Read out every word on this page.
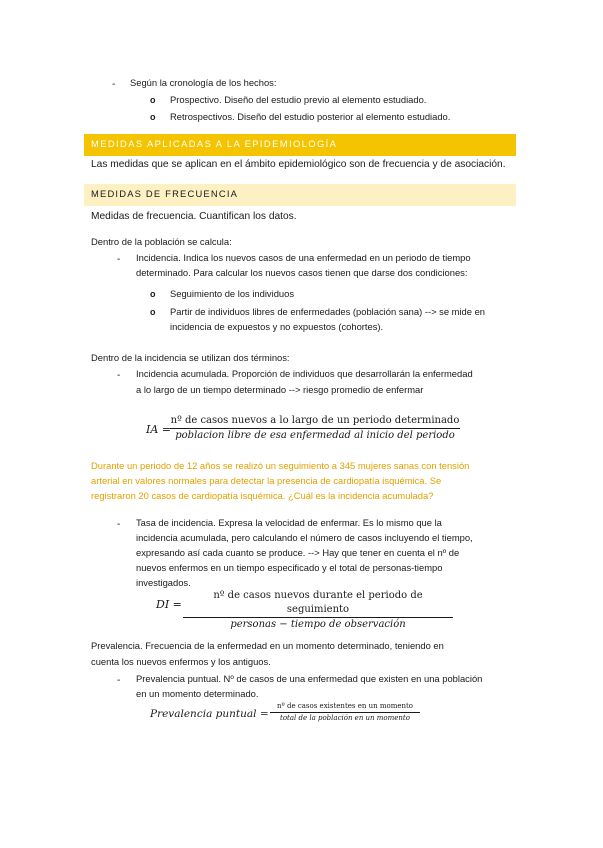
- Según la cronología de los hechos:
o Prospectivo. Diseño del estudio previo al elemento estudiado.
o Retrospectivos. Diseño del estudio posterior al elemento estudiado.
MEDIDAS APLICADAS A LA EPIDEMIOLOGÍA
Las medidas que se aplican en el ámbito epidemiológico son de frecuencia y de asociación.
MEDIDAS DE FRECUENCIA
Medidas de frecuencia. Cuantifican los datos.
Dentro de la población se calcula:
- Incidencia. Indica los nuevos casos de una enfermedad en un periodo de tiempo
determinado. Para calcular los nuevos casos tienen que darse dos condiciones:
o Seguimiento de los individuos
o Partir de individuos libres de enfermedades (población sana) --> se mide en
incidencia de expuestos y no expuestos (cohortes).
Dentro de la incidencia se utilizan dos términos:
- Incidencia acumulada. Proporción de individuos que desarrollarán la enfermedad
a lo largo de un tiempo determinado --> riesgo promedio de enfermar
IA =
nº de casos nuevos a lo largo de un periodo determinado
poblacion libre de esa enfermedad al inicio del periodo
Durante un periodo de 12 años se realizó un seguimiento a 345 mujeres sanas con tensión
arterial en valores normales para detectar la presencia de cardiopatía isquémica. Se
registraron 20 casos de cardiopatía isquémica. ¿Cuál es la incidencia acumulada?
- Tasa de incidencia. Expresa la velocidad de enfermar. Es lo mismo que la
incidencia acumulada, pero calculando el número de casos incluyendo el tiempo,
expresando así cada cuanto se produce. --> Hay que tener en cuenta el nº de
nuevos enfermos en un tiempo especificado y el total de personas-tiempo
investigados.
DI =
nº de casos nuevos durante el periodo de seguimiento
personas − tiempo de observación
Prevalencia. Frecuencia de la enfermedad en un momento determinado, teniendo en
cuenta los nuevos enfermos y los antiguos.
- Prevalencia puntual. Nº de casos de una enfermedad que existen en una población
en un momento determinado.
Prevalencia puntual =
nº de casos existentes en un momento
total de la población en un momento
